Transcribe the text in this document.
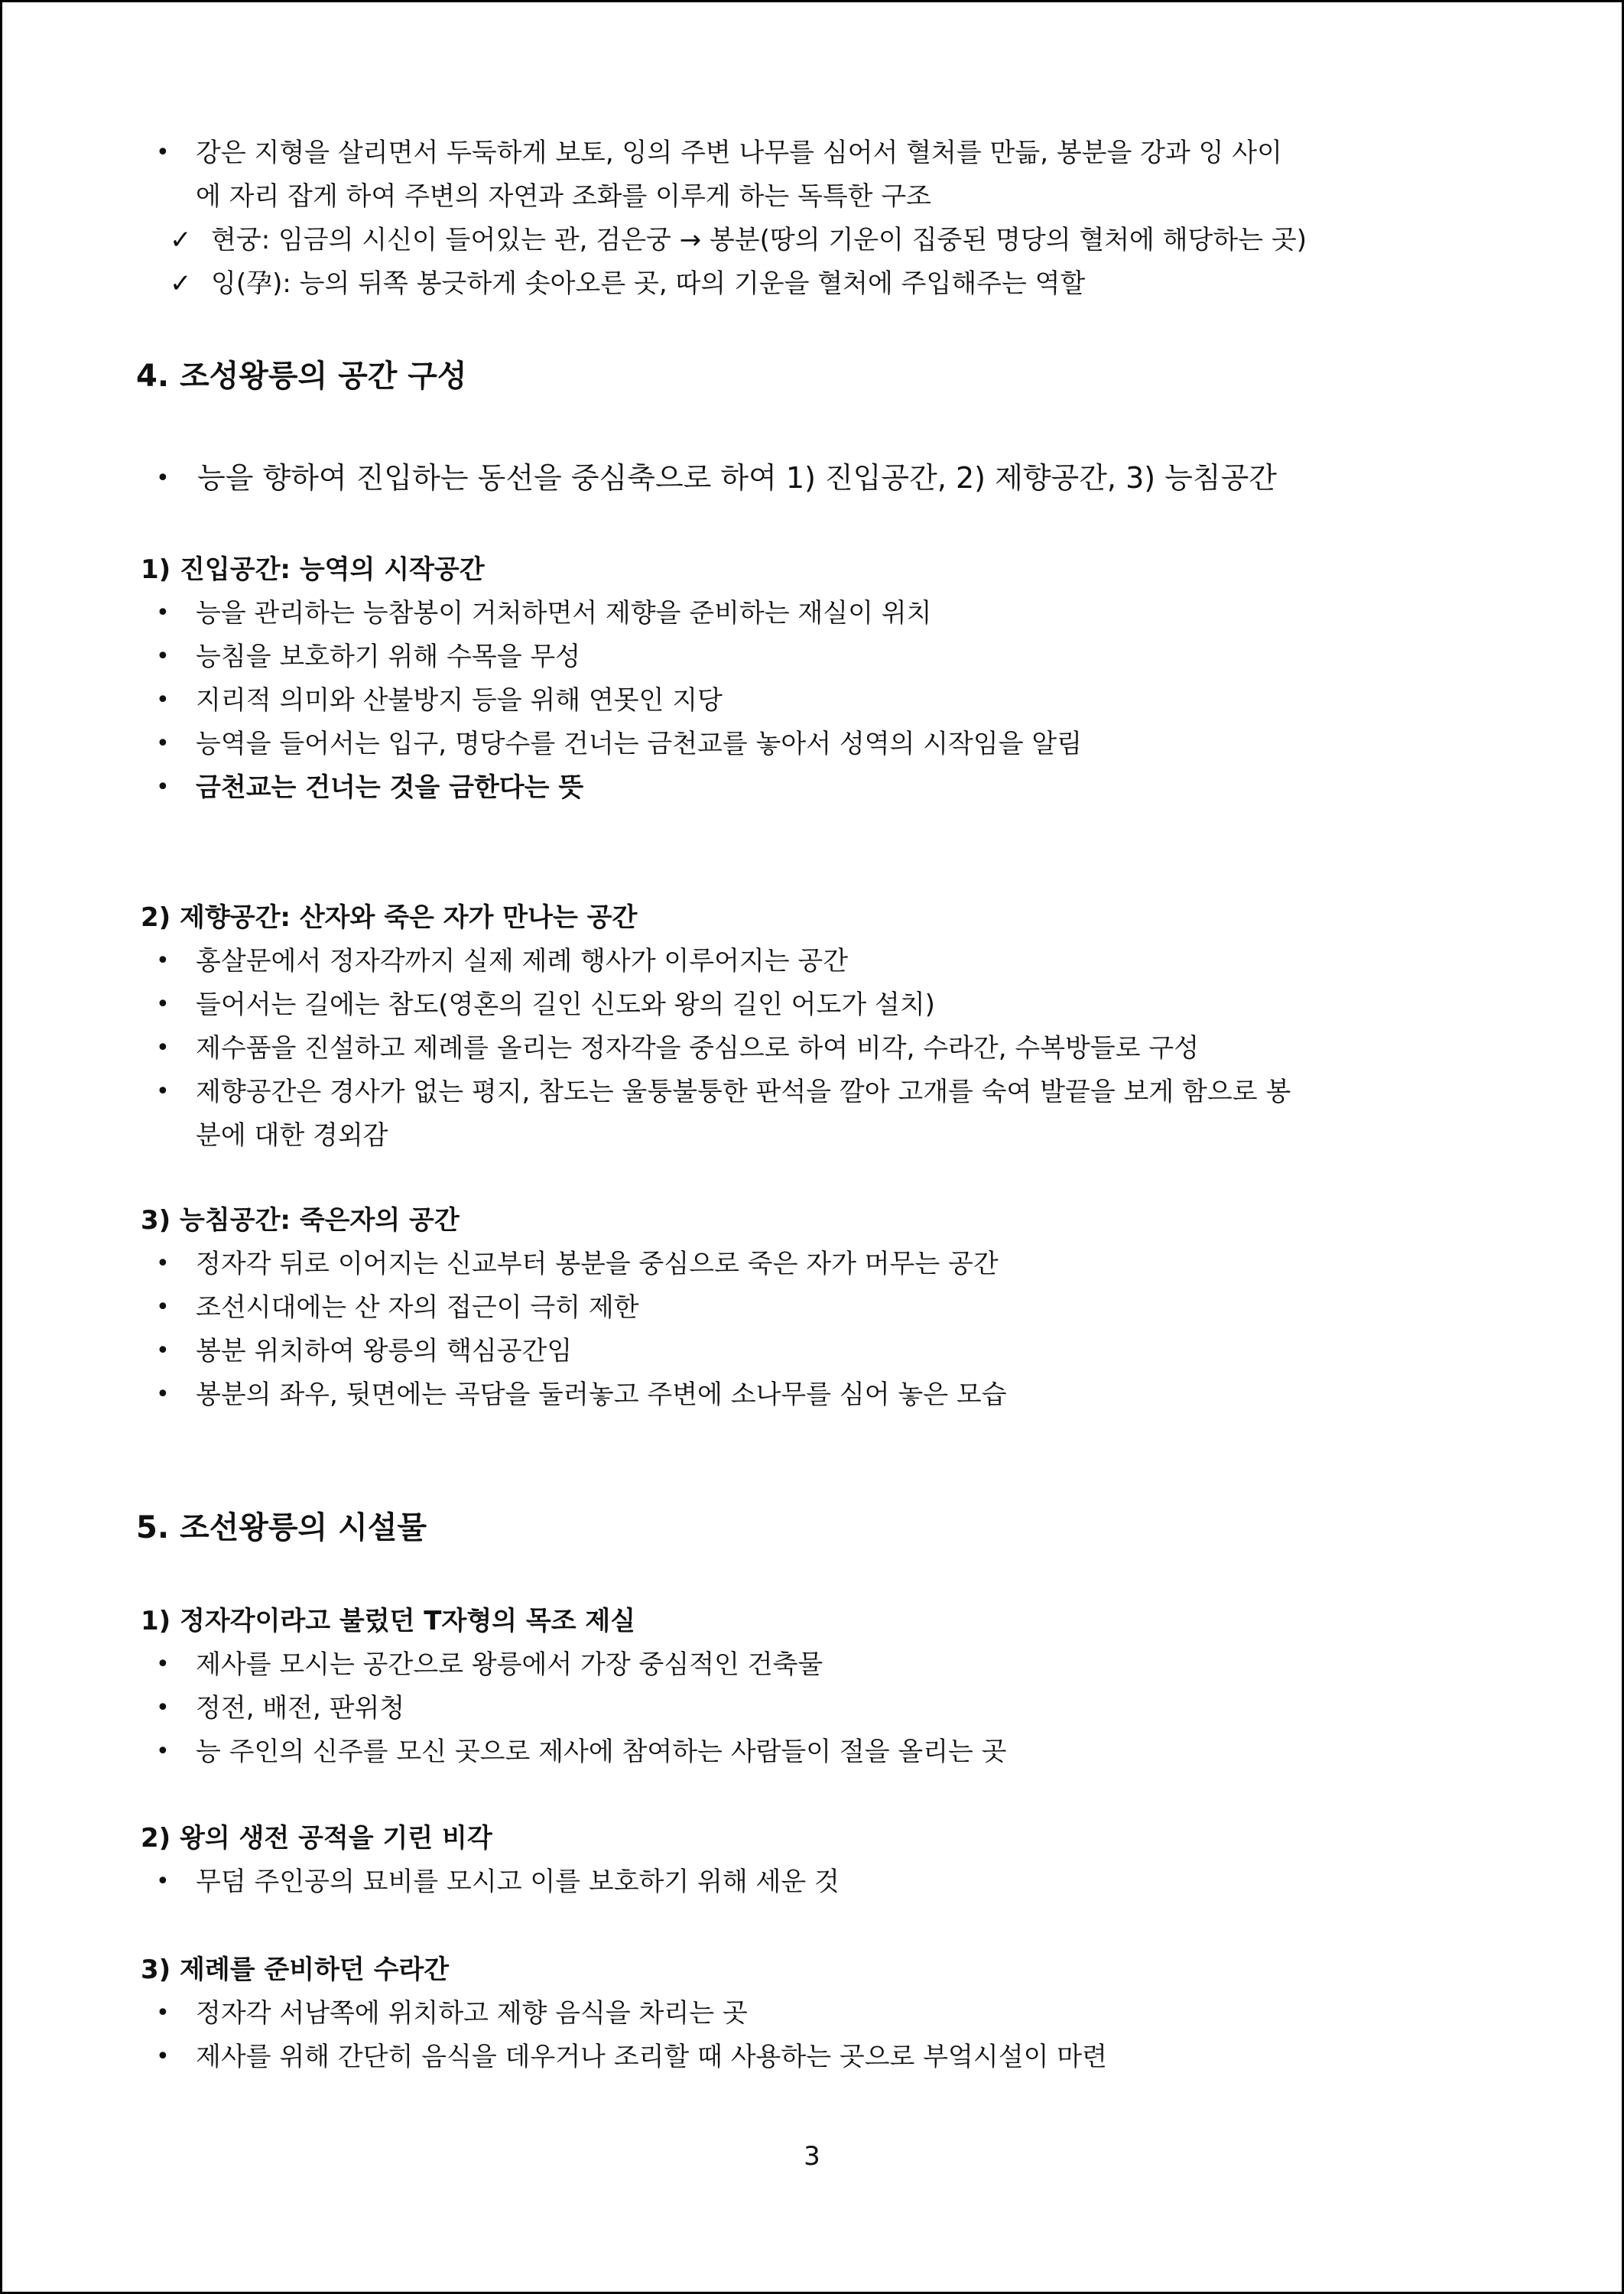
• 강은 지형을 살리면서 두둑하게 보토, 잉의 주변 나무를 심어서 혈처를 만듦, 봉분을 강과 잉 사이
에 자리 잡게 하여 주변의 자연과 조화를 이루게 하는 독특한 구조
✓ 현궁: 임금의 시신이 들어있는 관, 검은궁 → 봉분(땅의 기운이 집중된 명당의 혈처에 해당하는 곳)
✓ 잉(孕): 능의 뒤쪽 봉긋하게 솟아오른 곳, 따의 기운을 혈처에 주입해주는 역할
4. 조성왕릉의 공간 구성
• 능을 향하여 진입하는 동선을 중심축으로 하여 1) 진입공간, 2) 제향공간, 3) 능침공간
1) 진입공간: 능역의 시작공간
• 능을 관리하는 능참봉이 거처하면서 제향을 준비하는 재실이 위치
• 능침을 보호하기 위해 수목을 무성
• 지리적 의미와 산불방지 등을 위해 연못인 지당
• 능역을 들어서는 입구, 명당수를 건너는 금천교를 놓아서 성역의 시작임을 알림
• 금천교는 건너는 것을 금한다는 뜻
2) 제향공간: 산자와 죽은 자가 만나는 공간
• 홍살문에서 정자각까지 실제 제례 행사가 이루어지는 공간
• 들어서는 길에는 참도(영혼의 길인 신도와 왕의 길인 어도가 설치)
• 제수품을 진설하고 제례를 올리는 정자각을 중심으로 하여 비각, 수라간, 수복방들로 구성
• 제향공간은 경사가 없는 평지, 참도는 울퉁불퉁한 판석을 깔아 고개를 숙여 발끝을 보게 함으로 봉
분에 대한 경외감
3) 능침공간: 죽은자의 공간
• 정자각 뒤로 이어지는 신교부터 봉분을 중심으로 죽은 자가 머무는 공간
• 조선시대에는 산 자의 접근이 극히 제한
• 봉분 위치하여 왕릉의 핵심공간임
• 봉분의 좌우, 뒷면에는 곡담을 둘러놓고 주변에 소나무를 심어 놓은 모습
5. 조선왕릉의 시설물
1) 정자각이라고 불렀던 T자형의 목조 제실
• 제사를 모시는 공간으로 왕릉에서 가장 중심적인 건축물
• 정전, 배전, 판위청
• 능 주인의 신주를 모신 곳으로 제사에 참여하는 사람들이 절을 올리는 곳
2) 왕의 생전 공적을 기린 비각
• 무덤 주인공의 묘비를 모시고 이를 보호하기 위해 세운 것
3) 제례를 준비하던 수라간
• 정자각 서남쪽에 위치하고 제향 음식을 차리는 곳
• 제사를 위해 간단히 음식을 데우거나 조리할 때 사용하는 곳으로 부엌시설이 마련
3
